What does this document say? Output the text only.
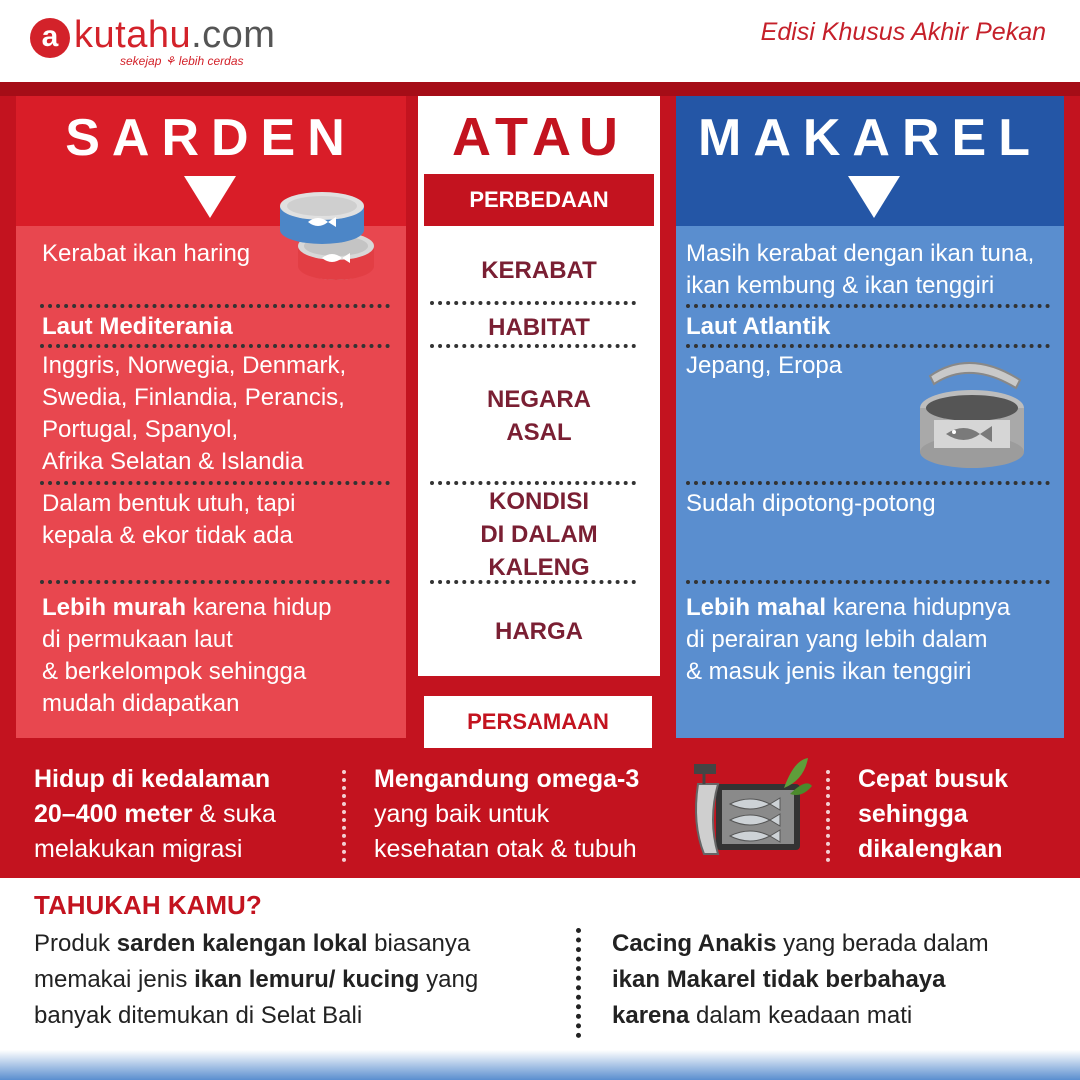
a kutahu.com
sekejap ⚘ lebih cerdas
Edisi Khusus Akhir Pekan
SARDEN	MAKAREL
ATAU
PERBEDAAN
KERABAT
HABITAT
NEGARA
ASAL
KONDISI
DI DALAM
KALENG
HARGA
Kerabat ikan haring
Laut Mediterania
Inggris, Norwegia, Denmark,
Swedia, Finlandia, Perancis,
Portugal, Spanyol,
Afrika Selatan & Islandia
Dalam bentuk utuh, tapi
kepala & ekor tidak ada
Lebih murah karena hidup
di permukaan laut
& berkelompok sehingga
mudah didapatkan
Masih kerabat dengan ikan tuna,
ikan kembung & ikan tenggiri
Laut Atlantik
Jepang, Eropa
Sudah dipotong-potong
Lebih mahal karena hidupnya
di perairan yang lebih dalam
& masuk jenis ikan tenggiri
PERSAMAAN
Hidup di kedalaman
20–400 meter & suka
melakukan migrasi
Mengandung omega-3
yang baik untuk
kesehatan otak & tubuh
Cepat busuk
sehingga
dikalengkan
TAHUKAH KAMU?
Produk sarden kalengan lokal biasanya
memakai jenis ikan lemuru/ kucing yang
banyak ditemukan di Selat Bali
Cacing Anakis yang berada dalam
ikan Makarel tidak berbahaya
karena dalam keadaan mati
